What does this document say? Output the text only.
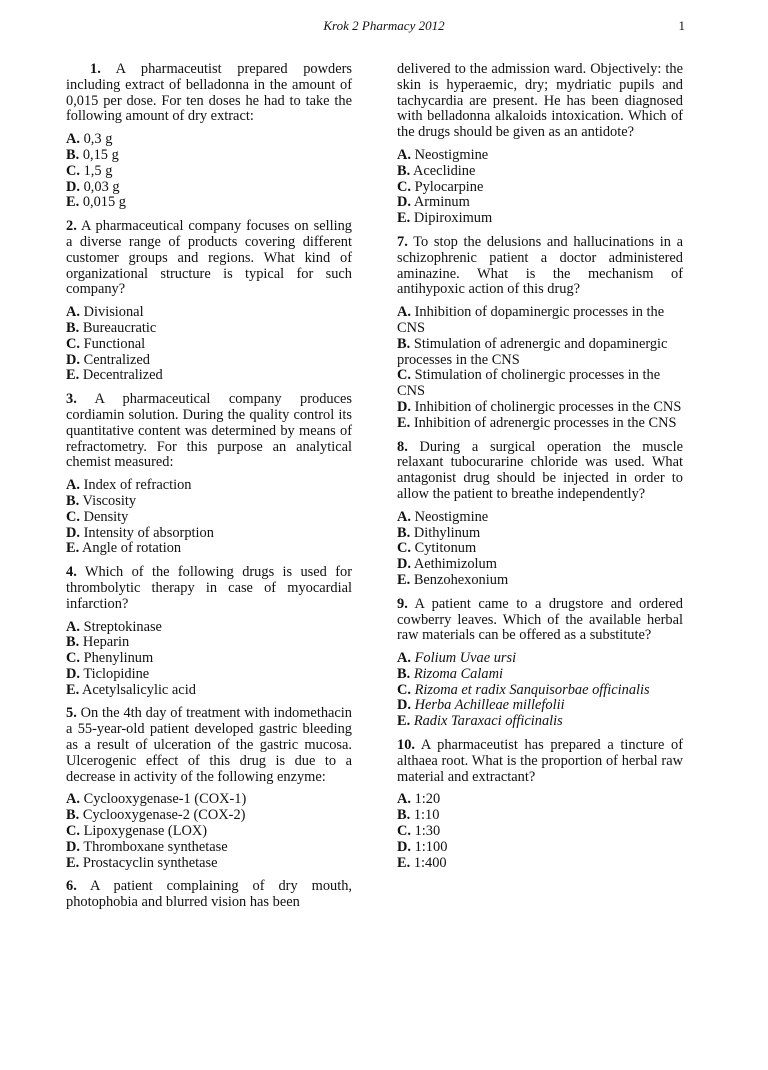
Krok 2 Pharmacy 2012	1

1. A pharmaceutist prepared powders including extract of belladonna in the amount of 0,015 per dose. For ten doses he had to take the following amount of dry extract:

A. 0,3 g
B. 0,15 g
C. 1,5 g
D. 0,03 g
E. 0,015 g

2. A pharmaceutical company focuses on selling a diverse range of products covering different customer groups and regions. What kind of organizational structure is typical for such company?

A. Divisional
B. Bureaucratic
C. Functional
D. Centralized
E. Decentralized

3. A pharmaceutical company produces cordiamin solution. During the quality control its quantitative content was determined by means of refractometry. For this purpose an analytical chemist measured:

A. Index of refraction
B. Viscosity
C. Density
D. Intensity of absorption
E. Angle of rotation

4. Which of the following drugs is used for thrombolytic therapy in case of myocardial infarction?

A. Streptokinase
B. Heparin
C. Phenylinum
D. Ticlopidine
E. Acetylsalicylic acid

5. On the 4th day of treatment with indomethacin a 55-year-old patient developed gastric bleeding as a result of ulceration of the gastric mucosa. Ulcerogenic effect of this drug is due to a decrease in activity of the following enzyme:

A. Cyclooxygenase-1 (COX-1)
B. Cyclooxygenase-2 (COX-2)
C. Lipoxygenase (LOX)
D. Thromboxane synthetase
E. Prostacyclin synthetase

6. A patient complaining of dry mouth, photophobia and blurred vision has been

delivered to the admission ward. Objectively: the skin is hyperaemic, dry; mydriatic pupils and tachycardia are present. He has been diagnosed with belladonna alkaloids intoxication. Which of the drugs should be given as an antidote?

A. Neostigmine
B. Aceclidine
C. Pylocarpine
D. Arminum
E. Dipiroximum

7. To stop the delusions and hallucinations in a schizophrenic patient a doctor administered aminazine. What is the mechanism of antihypoxic action of this drug?

A. Inhibition of dopaminergic processes in the CNS
B. Stimulation of adrenergic and dopaminergic processes in the CNS
C. Stimulation of cholinergic processes in the CNS
D. Inhibition of cholinergic processes in the CNS
E. Inhibition of adrenergic processes in the CNS

8. During a surgical operation the muscle relaxant tubocurarine chloride was used. What antagonist drug should be injected in order to allow the patient to breathe independently?

A. Neostigmine
B. Dithylinum
C. Cytitonum
D. Aethimizolum
E. Benzohexonium

9. A patient came to a drugstore and ordered cowberry leaves. Which of the available herbal raw materials can be offered as a substitute?

A. Folium Uvae ursi
B. Rizoma Calami
C. Rizoma et radix Sanquisorbae officinalis
D. Herba Achilleae millefolii
E. Radix Taraxaci officinalis

10. A pharmaceutist has prepared a tincture of althaea root. What is the proportion of herbal raw material and extractant?

A. 1:20
B. 1:10
C. 1:30
D. 1:100
E. 1:400
